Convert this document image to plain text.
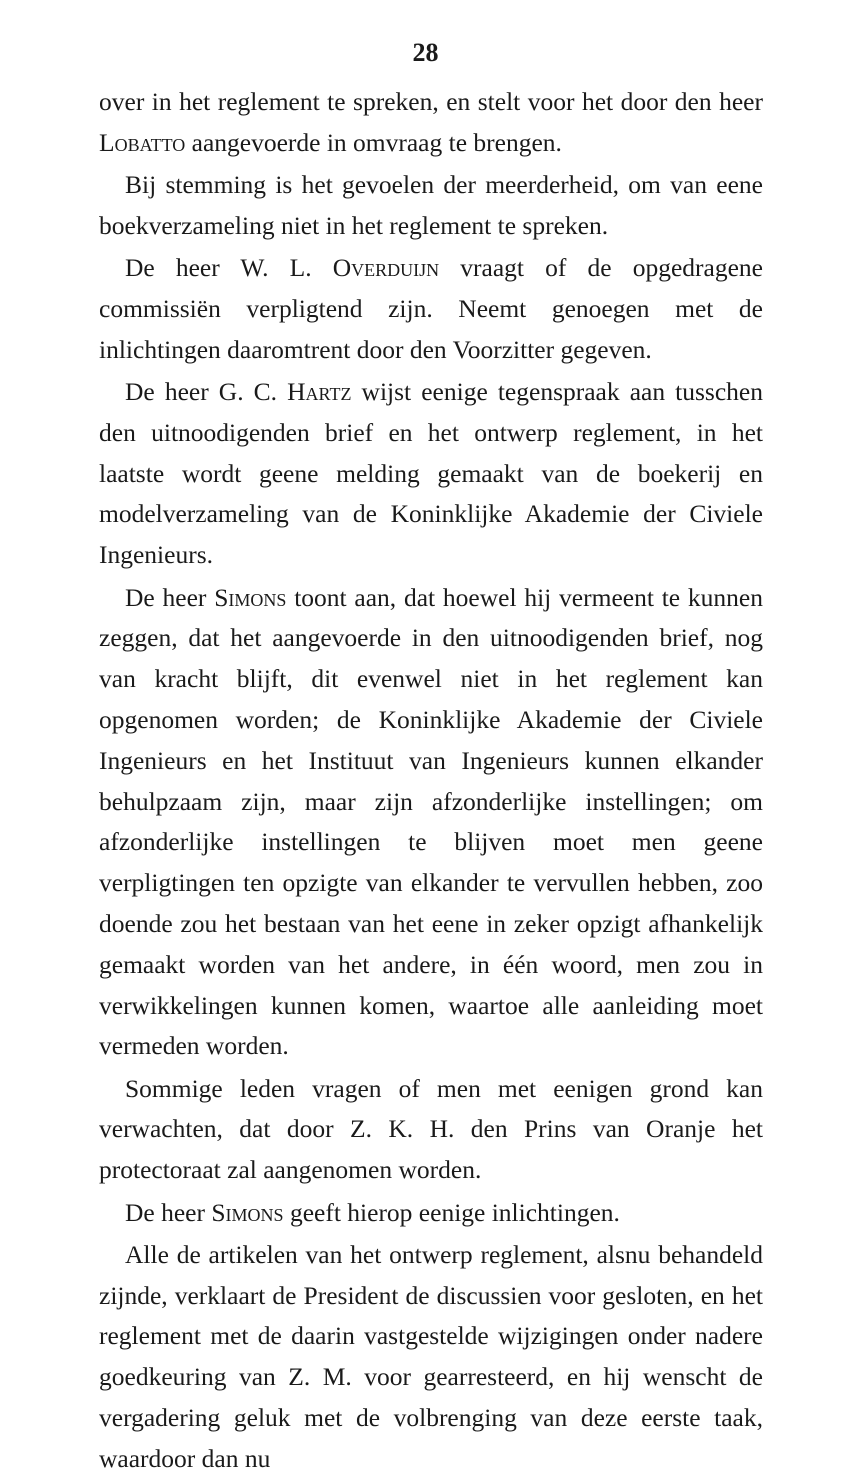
28

over in het reglement te spreken, en stelt voor het door den heer Lobatto aangevoerde in omvraag te brengen.

Bij stemming is het gevoelen der meerderheid, om van eene boekverzameling niet in het reglement te spreken.

De heer W. L. Overduijn vraagt of de opgedragene commissiën verpligtend zijn. Neemt genoegen met de inlichtingen daaromtrent door den Voorzitter gegeven.

De heer G. C. Hartz wijst eenige tegenspraak aan tusschen den uitnoodigenden brief en het ontwerp reglement, in het laatste wordt geene melding gemaakt van de boekerij en modelverzameling van de Koninklijke Akademie der Civiele Ingenieurs.

De heer Simons toont aan, dat hoewel hij vermeent te kunnen zeggen, dat het aangevoerde in den uitnoodigenden brief, nog van kracht blijft, dit evenwel niet in het reglement kan opgenomen worden; de Koninklijke Akademie der Civiele Ingenieurs en het Instituut van Ingenieurs kunnen elkander behulpzaam zijn, maar zijn afzonderlijke instellingen; om afzonderlijke instellingen te blijven moet men geene verpligtingen ten opzigte van elkander te vervullen hebben, zoo doende zou het bestaan van het eene in zeker opzigt afhankelijk gemaakt worden van het andere, in één woord, men zou in verwikkelingen kunnen komen, waartoe alle aanleiding moet vermeden worden.

Sommige leden vragen of men met eenigen grond kan verwachten, dat door Z. K. H. den Prins van Oranje het protectoraat zal aangenomen worden.

De heer Simons geeft hierop eenige inlichtingen.

Alle de artikelen van het ontwerp reglement, alsnu behandeld zijnde, verklaart de President de discussien voor gesloten, en het reglement met de daarin vastgestelde wijzigingen onder nadere goedkeuring van Z. M. voor gearresteerd, en hij wenscht de vergadering geluk met de volbrenging van deze eerste taak, waardoor dan nu
